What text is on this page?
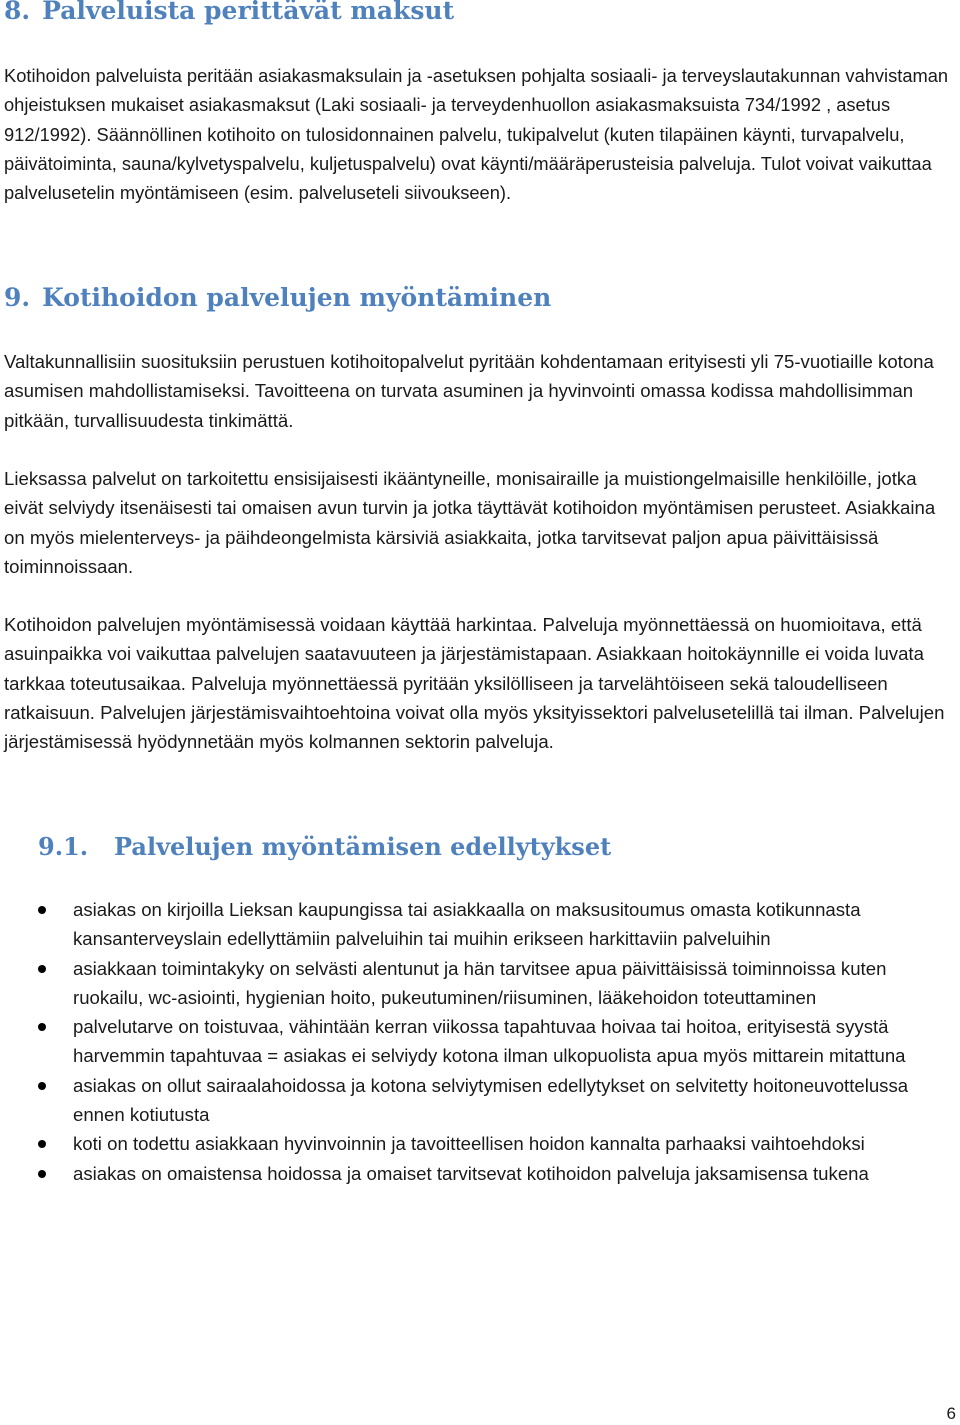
8. Palveluista perittävät maksut

Kotihoidon palveluista peritään asiakasmaksulain ja -asetuksen pohjalta sosiaali- ja terveyslautakunnan vahvistaman ohjeistuksen mukaiset asiakasmaksut (Laki sosiaali- ja terveydenhuollon asiakasmaksuista 734/1992 , asetus 912/1992). Säännöllinen kotihoito on tulosidonnainen palvelu, tukipalvelut (kuten tilapäinen käynti, turvapalvelu, päivätoiminta, sauna/kylvetyspalvelu, kuljetuspalvelu) ovat käynti/määräperusteisia palveluja. Tulot voivat vaikuttaa palvelusetelin myöntämiseen (esim. palveluseteli siivoukseen).

9. Kotihoidon palvelujen myöntäminen

Valtakunnallisiin suosituksiin perustuen kotihoitopalvelut pyritään kohdentamaan erityisesti yli 75-vuotiaille kotona asumisen mahdollistamiseksi. Tavoitteena on turvata asuminen ja hyvinvointi omassa kodissa mahdollisimman pitkään, turvallisuudesta tinkimättä.

Lieksassa palvelut on tarkoitettu ensisijaisesti ikääntyneille, monisairaille ja muistiongelmaisille henkilöille, jotka eivät selviydy itsenäisesti tai omaisen avun turvin ja jotka täyttävät kotihoidon myöntämisen perusteet. Asiakkaina on myös mielenterveys- ja päihdeongelmista kärsiviä asiakkaita, jotka tarvitsevat paljon apua päivittäisissä toiminnoissaan.

Kotihoidon palvelujen myöntämisessä voidaan käyttää harkintaa. Palveluja myönnettäessä on huomioitava, että asuinpaikka voi vaikuttaa palvelujen saatavuuteen ja järjestämistapaan. Asiakkaan hoitokäynnille ei voida luvata tarkkaa toteutusaikaa. Palveluja myönnettäessä pyritään yksilölliseen ja tarvelähtöiseen sekä taloudelliseen ratkaisuun. Palvelujen järjestämisvaihtoehtoina voivat olla myös yksityissektori palvelusetelillä tai ilman. Palvelujen järjestämisessä hyödynnetään myös kolmannen sektorin palveluja.

9.1. Palvelujen myöntämisen edellytykset
asiakas on kirjoilla Lieksan kaupungissa tai asiakkaalla on maksusitoumus omasta kotikunnasta kansanterveyslain edellyttämiin palveluihin tai muihin erikseen harkittaviin palveluihin
asiakkaan toimintakyky on selvästi alentunut ja hän tarvitsee apua päivittäisissä toiminnoissa kuten ruokailu, wc-asiointi, hygienian hoito, pukeutuminen/riisuminen, lääkehoidon toteuttaminen
palvelutarve on toistuvaa, vähintään kerran viikossa tapahtuvaa hoivaa tai hoitoa, erityisestä syystä harvemmin tapahtuvaa = asiakas ei selviydy kotona ilman ulkopuolista apua myös mittarein mitattuna
asiakas on ollut sairaalahoidossa ja kotona selviytymisen edellytykset on selvitetty hoitoneuvottelussa ennen kotiutusta
koti on todettu asiakkaan hyvinvoinnin ja tavoitteellisen hoidon kannalta parhaaksi vaihtoehdoksi
asiakas on omaistensa hoidossa ja omaiset tarvitsevat kotihoidon palveluja jaksamisensa tukena
6
